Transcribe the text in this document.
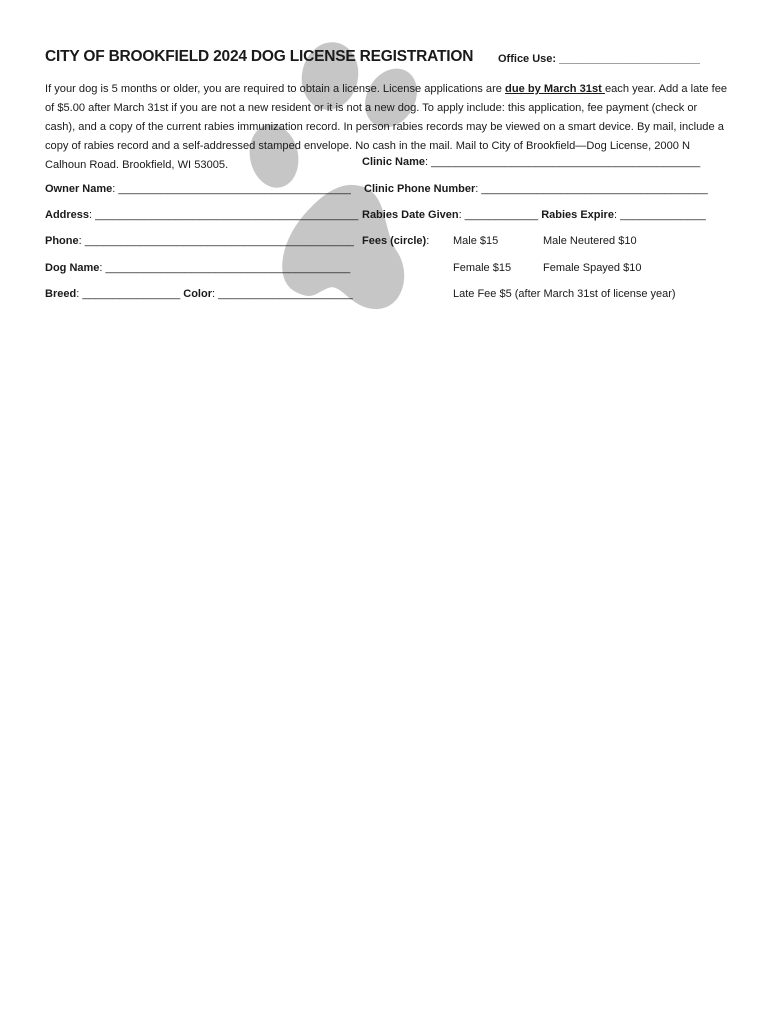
CITY OF BROOKFIELD 2024 DOG LICENSE REGISTRATION Office Use: _______________________
If your dog is 5 months or older, you are required to obtain a license. License applications are due by March 31st each year. Add a late fee of $5.00 after March 31st if you are not a new resident or it is not a new dog. To apply include: this application, fee payment (check or cash), and a copy of the current rabies immunization record. In person rabies records may be viewed on a smart device. By mail, include a copy of rabies record and a self-addressed stamped envelope. No cash in the mail. Mail to City of Brookfield—Dog License, 2000 N Calhoun Road. Brookfield, WI 53005.	Clinic Name: ____________________________________________
Owner Name: ______________________________________
Address: ___________________________________________
Phone: ____________________________________________
Dog Name: ________________________________________
Breed: ________________ Color: ______________________
Clinic Phone Number: _____________________________________
Rabies Date Given: ____________ Rabies Expire: ______________
Fees (circle): Male $15	Male Neutered $10
Female $15	Female Spayed $10
Late Fee $5 (after March 31st of license year)
